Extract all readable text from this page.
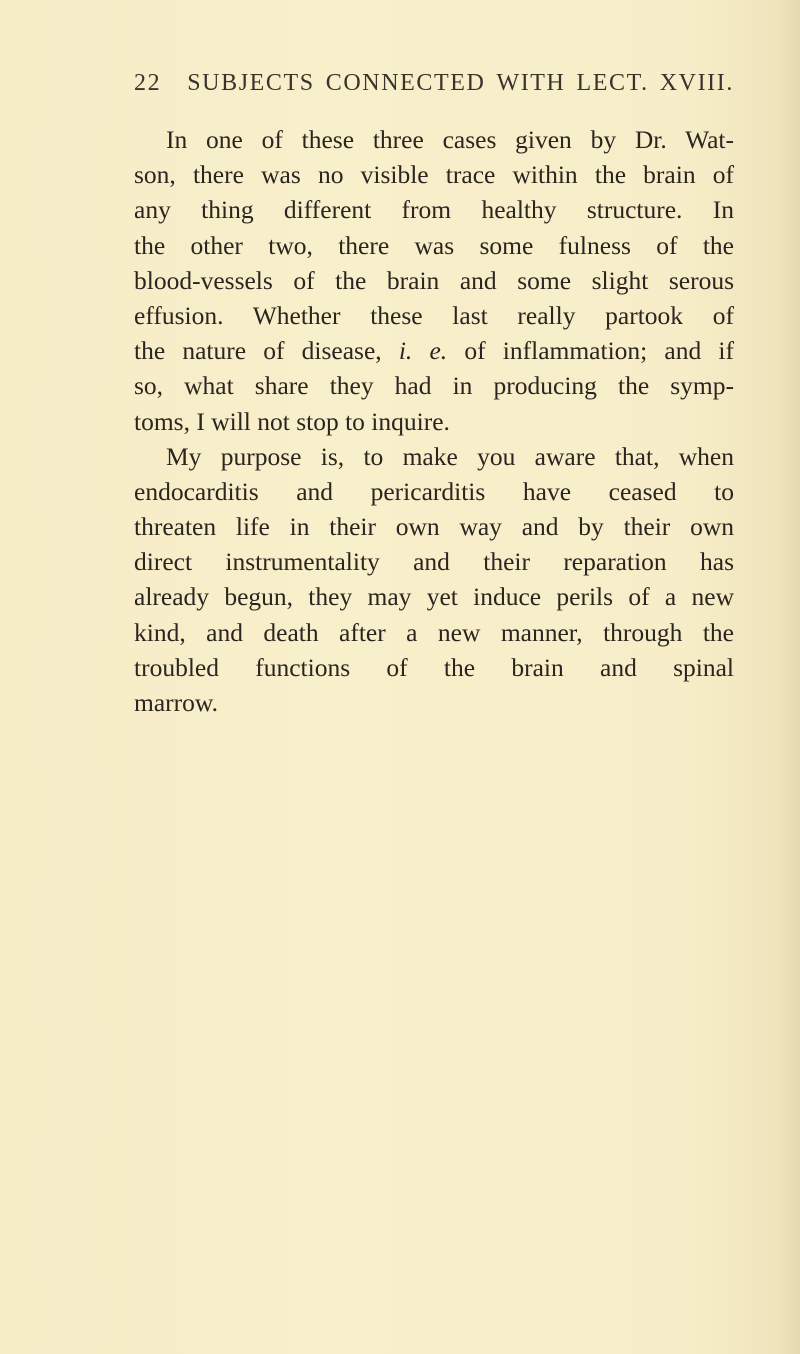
22 SUBJECTS CONNECTED WITH LECT. XVIII.
In one of these three cases given by Dr. Wat-
son, there was no visible trace within the brain of
any thing different from healthy structure. In
the other two, there was some fulness of the
blood-vessels of the brain and some slight serous
effusion. Whether these last really partook of
the nature of disease, i. e. of inflammation; and if
so, what share they had in producing the symp-
toms, I will not stop to inquire.
My purpose is, to make you aware that, when
endocarditis and pericarditis have ceased to
threaten life in their own way and by their own
direct instrumentality and their reparation has
already begun, they may yet induce perils of a new
kind, and death after a new manner, through the
troubled functions of the brain and spinal
marrow.
